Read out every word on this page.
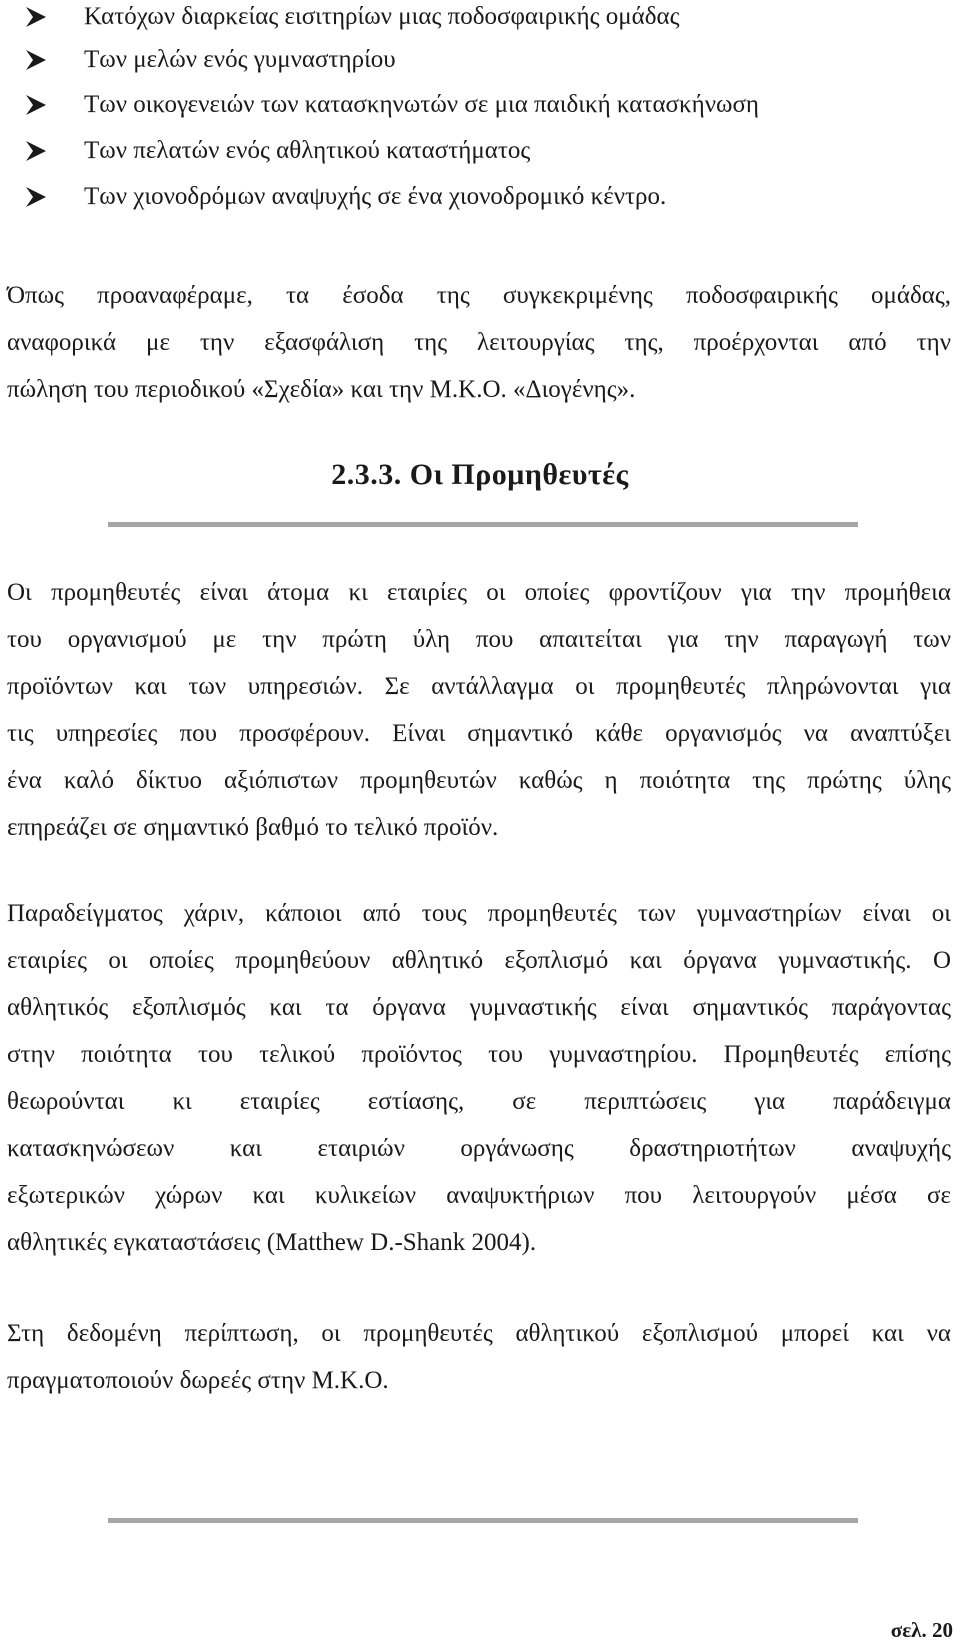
Κατόχων διαρκείας εισιτηρίων μιας ποδοσφαιρικής ομάδας
Των μελών ενός γυμναστηρίου
Των οικογενειών των κατασκηνωτών σε μια παιδική κατασκήνωση
Των πελατών ενός αθλητικού καταστήματος
Των χιονοδρόμων αναψυχής σε ένα χιονοδρομικό κέντρο.
Όπως προαναφέραμε, τα έσοδα της συγκεκριμένης ποδοσφαιρικής ομάδας,
αναφορικά με την εξασφάλιση της λειτουργίας της, προέρχονται από την
πώληση του περιοδικού «Σχεδία» και την Μ.Κ.Ο. «Διογένης».
2.3.3. Οι Προμηθευτές
Οι προμηθευτές είναι άτομα κι εταιρίες οι οποίες φροντίζουν για την προμήθεια
του οργανισμού με την πρώτη ύλη που απαιτείται για την παραγωγή των
προϊόντων και των υπηρεσιών. Σε αντάλλαγμα οι προμηθευτές πληρώνονται για
τις υπηρεσίες που προσφέρουν. Είναι σημαντικό κάθε οργανισμός να αναπτύξει
ένα καλό δίκτυο αξιόπιστων προμηθευτών καθώς η ποιότητα της πρώτης ύλης
επηρεάζει σε σημαντικό βαθμό το τελικό προϊόν.
Παραδείγματος χάριν, κάποιοι από τους προμηθευτές των γυμναστηρίων είναι οι
εταιρίες οι οποίες προμηθεύουν αθλητικό εξοπλισμό και όργανα γυμναστικής. Ο
αθλητικός εξοπλισμός και τα όργανα γυμναστικής είναι σημαντικός παράγοντας
στην ποιότητα του τελικού προϊόντος του γυμναστηρίου. Προμηθευτές επίσης
θεωρούνται κι εταιρίες εστίασης, σε περιπτώσεις για παράδειγμα
κατασκηνώσεων και εταιριών οργάνωσης δραστηριοτήτων αναψυχής
εξωτερικών χώρων και κυλικείων αναψυκτήριων που λειτουργούν μέσα σε
αθλητικές εγκαταστάσεις (Matthew D.-Shank 2004).
Στη δεδομένη περίπτωση, οι προμηθευτές αθλητικού εξοπλισμού μπορεί και να
πραγματοποιούν δωρεές στην Μ.Κ.Ο.
σελ. 20
